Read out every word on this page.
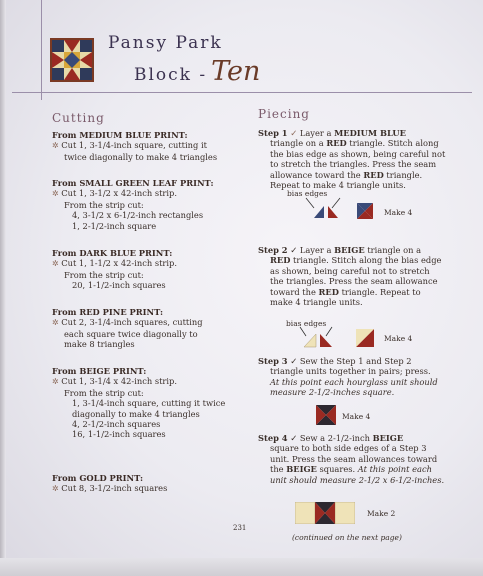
Pansy Park
Block - Ten
Cutting
From MEDIUM BLUE PRINT:
✲ Cut 1, 3-1/4-inch square, cutting it
twice diagonally to make 4 triangles
From SMALL GREEN LEAF PRINT:
✲ Cut 1, 3-1/2 x 42-inch strip.
From the strip cut:
4, 3-1/2 x 6-1/2-inch rectangles
1, 2-1/2-inch square
From DARK BLUE PRINT:
✲ Cut 1, 1-1/2 x 42-inch strip.
From the strip cut:
20, 1-1/2-inch squares
From RED PINE PRINT:
✲ Cut 2, 3-1/4-inch squares, cutting
each square twice diagonally to
make 8 triangles
From BEIGE PRINT:
✲ Cut 1, 3-1/4 x 42-inch strip.
From the strip cut:
1, 3-1/4-inch square, cutting it twice
diagonally to make 4 triangles
4, 2-1/2-inch squares
16, 1-1/2-inch squares
From GOLD PRINT:
✲ Cut 8, 3-1/2-inch squares
Piecing
Step 1 ✓ Layer a MEDIUM BLUE
triangle on a RED triangle. Stitch along
the bias edge as shown, being careful not
to stretch the triangles. Press the seam
allowance toward the RED triangle.
Repeat to make 4 triangle units.
bias edges
Make 4
Step 2 ✓ Layer a BEIGE triangle on a
RED triangle. Stitch along the bias edge
as shown, being careful not to stretch
the triangles. Press the seam allowance
toward the RED triangle. Repeat to
make 4 triangle units.
bias edges
Make 4
Step 3 ✓ Sew the Step 1 and Step 2
triangle units together in pairs; press.
At this point each hourglass unit should
measure 2-1/2-inches square.
Make 4
Step 4 ✓ Sew a 2-1/2-inch BEIGE
square to both side edges of a Step 3
unit. Press the seam allowances toward
the BEIGE squares. At this point each
unit should measure 2-1/2 x 6-1/2-inches.
Make 2
231
(continued on the next page)
